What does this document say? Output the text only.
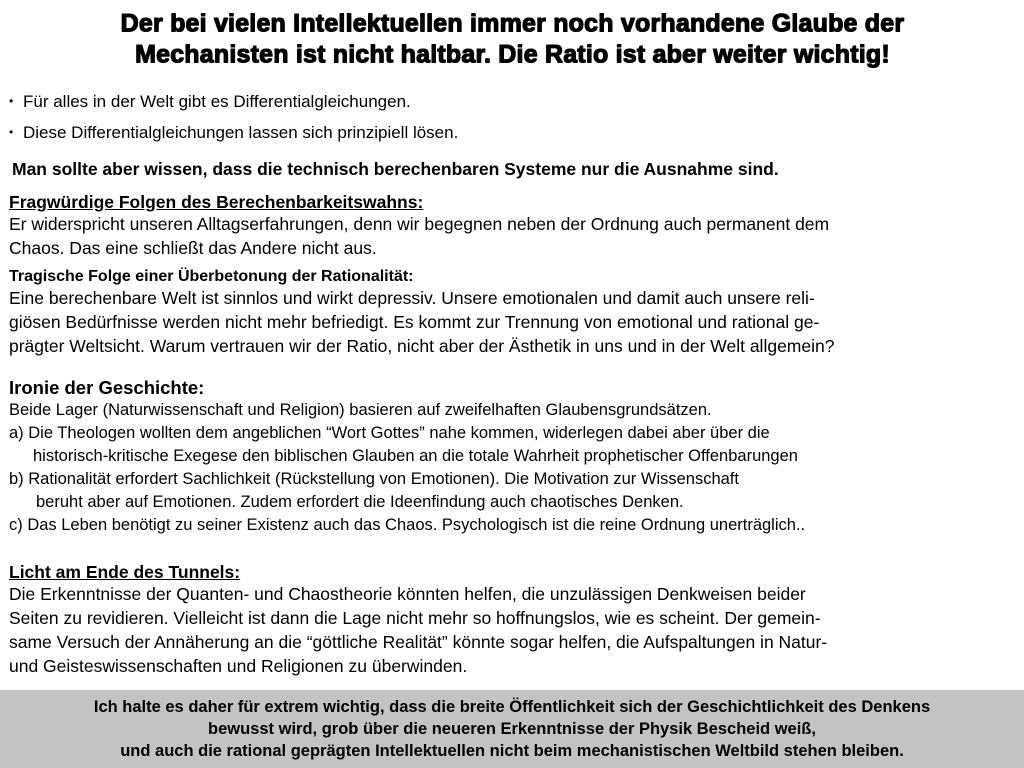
Der bei vielen Intellektuellen immer noch vorhandene Glaube der
Mechanisten ist nicht haltbar. Die Ratio ist aber weiter wichtig!
• Für alles in der Welt gibt es Differentialgleichungen.
• Diese Differentialgleichungen lassen sich prinzipiell lösen.
Man sollte aber wissen, dass die technisch berechenbaren Systeme nur die Ausnahme sind.
Fragwürdige Folgen des Berechenbarkeitswahns:
Er widerspricht unseren Alltagserfahrungen, denn wir begegnen neben der Ordnung auch permanent dem
Chaos. Das eine schließt das Andere nicht aus.
Tragische Folge einer Überbetonung der Rationalität:
Eine berechenbare Welt ist sinnlos und wirkt depressiv. Unsere emotionalen und damit auch unsere reli-
giösen Bedürfnisse werden nicht mehr befriedigt. Es kommt zur Trennung von emotional und rational ge-
prägter Weltsicht. Warum vertrauen wir der Ratio, nicht aber der Ästhetik in uns und in der Welt allgemein?
Ironie der Geschichte:
Beide Lager (Naturwissenschaft und Religion) basieren auf zweifelhaften Glaubensgrundsätzen.
a) Die Theologen wollten dem angeblichen “Wort Gottes” nahe kommen, widerlegen dabei aber über die
historisch-kritische Exegese den biblischen Glauben an die totale Wahrheit prophetischer Offenbarungen
b) Rationalität erfordert Sachlichkeit (Rückstellung von Emotionen). Die Motivation zur Wissenschaft
beruht aber auf Emotionen. Zudem erfordert die Ideenfindung auch chaotisches Denken.
c) Das Leben benötigt zu seiner Existenz auch das Chaos. Psychologisch ist die reine Ordnung unerträglich..
Licht am Ende des Tunnels:
Die Erkenntnisse der Quanten- und Chaostheorie könnten helfen, die unzulässigen Denkweisen beider
Seiten zu revidieren. Vielleicht ist dann die Lage nicht mehr so hoffnungslos, wie es scheint. Der gemein-
same Versuch der Annäherung an die “göttliche Realität” könnte sogar helfen, die Aufspaltungen in Natur-
und Geisteswissenschaften und Religionen zu überwinden.
Ich halte es daher für extrem wichtig, dass die breite Öffentlichkeit sich der Geschichtlichkeit des Denkens
bewusst wird, grob über die neueren Erkenntnisse der Physik Bescheid weiß,
und auch die rational geprägten Intellektuellen nicht beim mechanistischen Weltbild stehen bleiben.
